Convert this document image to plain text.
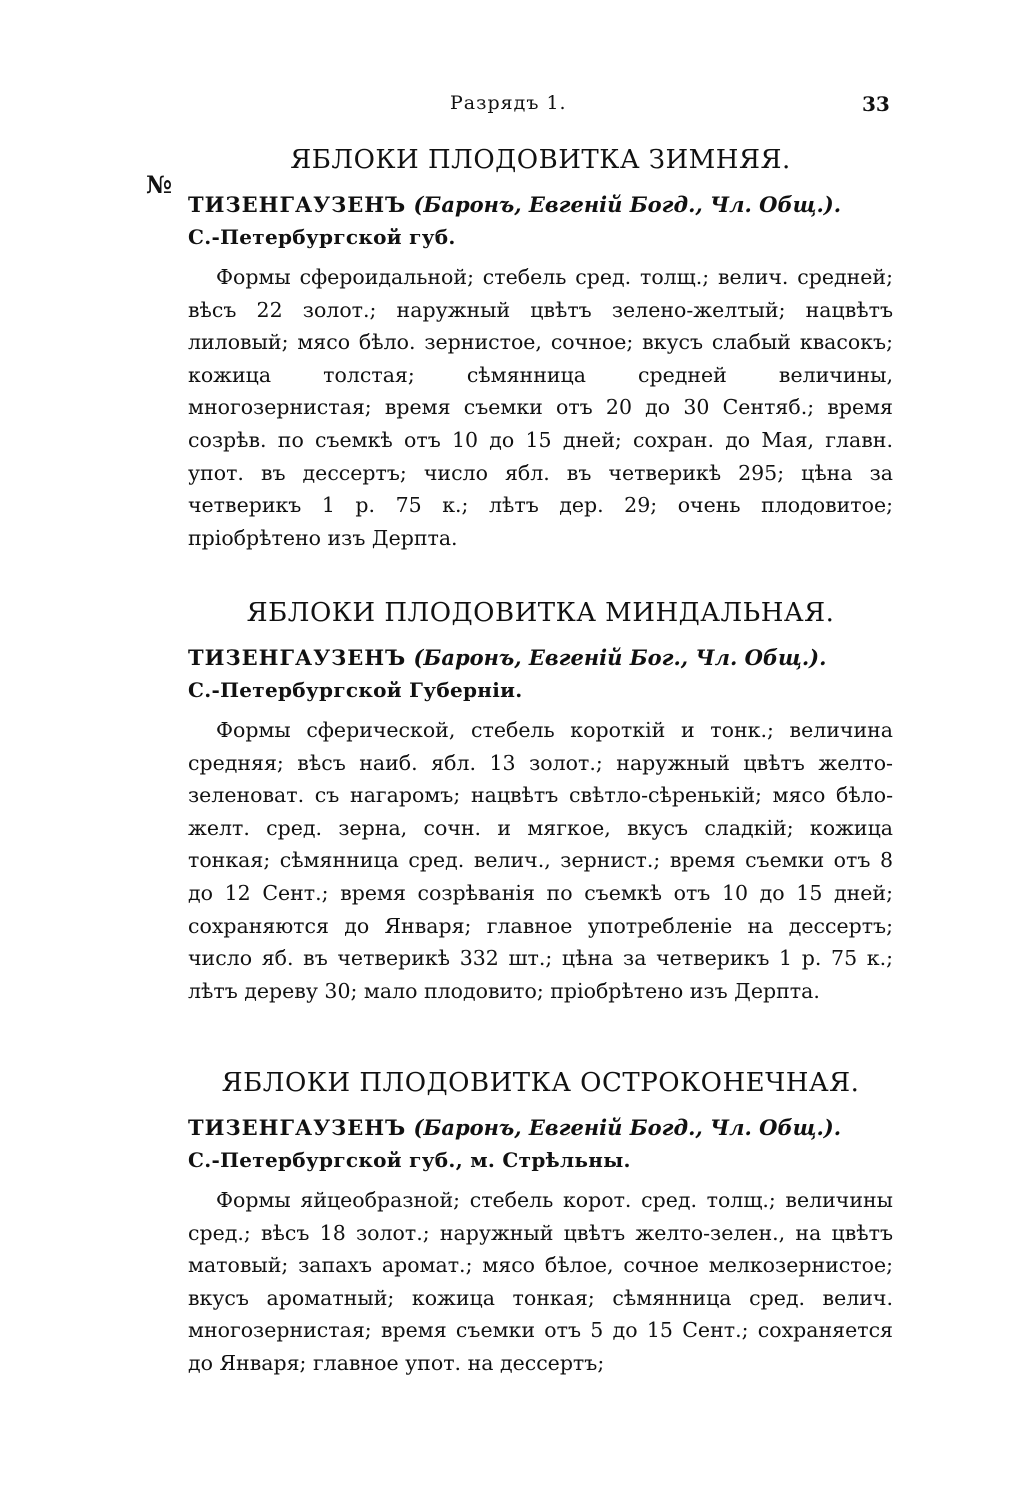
Разрядъ 1.	33
№
ЯБЛОКИ ПЛОДОВИТКА ЗИМНЯЯ.

ТИЗЕНГАУЗЕНЪ (Баронъ, Евгеній Богд., Чл. Общ.).

С.-Петербургской губ.

Формы сфероидальной; стебель сред. толщ.; велич. средней; вѣсъ 22 золот.; наружный цвѣтъ зелено-желтый; нацвѣтъ лиловый; мясо бѣло. зернистое, сочное; вкусъ слабый квасокъ; кожица толстая; сѣмянница средней величины, многозернистая; время съемки отъ 20 до 30 Сентяб.; время созрѣв. по съемкѣ отъ 10 до 15 дней; сохран. до Мая, главн. упот. въ дессертъ; число ябл. въ четверикѣ 295; цѣна за четверикъ 1 р. 75 к.; лѣтъ дер. 29; очень плодовитое; пріобрѣтено изъ Дерпта.

ЯБЛОКИ ПЛОДОВИТКА МИНДАЛЬНАЯ.

ТИЗЕНГАУЗЕНЪ (Баронъ, Евгеній Бог., Чл. Общ.).

С.-Петербургской Губерніи.

Формы сферической, стебель короткій и тонк.; величина средняя; вѣсъ наиб. ябл. 13 золот.; наружный цвѣтъ желто-зеленоват. съ нагаромъ; нацвѣтъ свѣтло-сѣренькій; мясо бѣло-желт. сред. зерна, сочн. и мягкое, вкусъ сладкій; кожица тонкая; сѣмянница сред. велич., зернист.; время съемки отъ 8 до 12 Сент.; время созрѣванія по съемкѣ отъ 10 до 15 дней; сохраняются до Января; главное употребленіе на дессертъ; число яб. въ четверикѣ 332 шт.; цѣна за четверикъ 1 р. 75 к.; лѣтъ дереву 30; мало плодовито; пріобрѣтено изъ Дерпта.

ЯБЛОКИ ПЛОДОВИТКА ОСТРОКОНЕЧНАЯ.

ТИЗЕНГАУЗЕНЪ (Баронъ, Евгеній Богд., Чл. Общ.).

С.-Петербургской губ., м. Стрѣльны.

Формы яйцеобразной; стебель корот. сред. толщ.; величины сред.; вѣсъ 18 золот.; наружный цвѣтъ желто-зелен., на цвѣтъ матовый; запахъ аромат.; мясо бѣлое, сочное мелкозернистое; вкусъ ароматный; кожица тонкая; сѣмянница сред. велич. многозернистая; время съемки отъ 5 до 15 Сент.; сохраняется до Января; главное упот. на дессертъ;
